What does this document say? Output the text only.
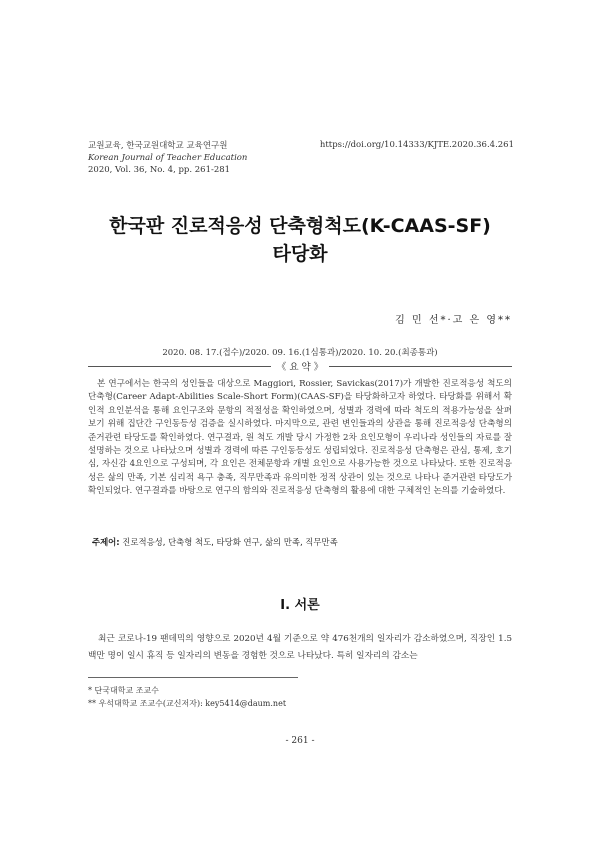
교원교육, 한국교원대학교 교육연구원
Korean Journal of Teacher Education
2020, Vol. 36, No. 4, pp. 261-281
https://doi.org/10.14333/KJTE.2020.36.4.261
한국판 진로적응성 단축형척도(K-CAAS-SF)
타당화
김 민 선*·고 은 영**
2020. 08. 17.(접수)/2020. 09. 16.(1심통과)/2020. 10. 20.(최종통과)
《 요 약 》

본 연구에서는 한국의 성인들을 대상으로 Maggiori, Rossier, Savickas(2017)가 개발한 진로적응성 척도의 단축형(Career Adapt-Abilities Scale-Short Form)(CAAS-SF)을 타당화하고자 하였다. 타당화를 위해서 확인적 요인분석을 통해 요인구조와 문항의 적절성을 확인하였으며, 성별과 경력에 따라 척도의 적용가능성을 살펴보기 위해 집단간 구인동등성 검증을 실시하였다. 마지막으로, 관련 변인들과의 상관을 통해 진로적응성 단축형의 준거관련 타당도를 확인하였다. 연구결과, 원 척도 개발 당시 가정한 2차 요인모형이 우리나라 성인들의 자료를 잘 설명하는 것으로 나타났으며 성별과 경력에 따른 구인동등성도 성립되었다. 진로적응성 단축형은 관심, 통제, 호기심, 자신감 4요인으로 구성되며, 각 요인은 전체문항과 개별 요인으로 사용가능한 것으로 나타났다. 또한 진로적응성은 삶의 만족, 기본 심리적 욕구 충족, 직무만족과 유의미한 정적 상관이 있는 것으로 나타나 준거관련 타당도가 확인되었다. 연구결과를 바탕으로 연구의 함의와 진로적응성 단축형의 활용에 대한 구체적인 논의를 기술하였다.

주제어: 진로적응성, 단축형 척도, 타당화 연구, 삶의 만족, 직무만족
Ⅰ. 서론

최근 코로나-19 팬데믹의 영향으로 2020년 4월 기준으로 약 476천개의 일자리가 감소하였으며, 직장인 1.5백만 명이 일시 휴직 등 일자리의 변동을 경험한 것으로 나타났다. 특히 일자리의 감소는

* 단국대학교 조교수
** 우석대학교 조교수(교신저자): key5414@daum.net
- 261 -
